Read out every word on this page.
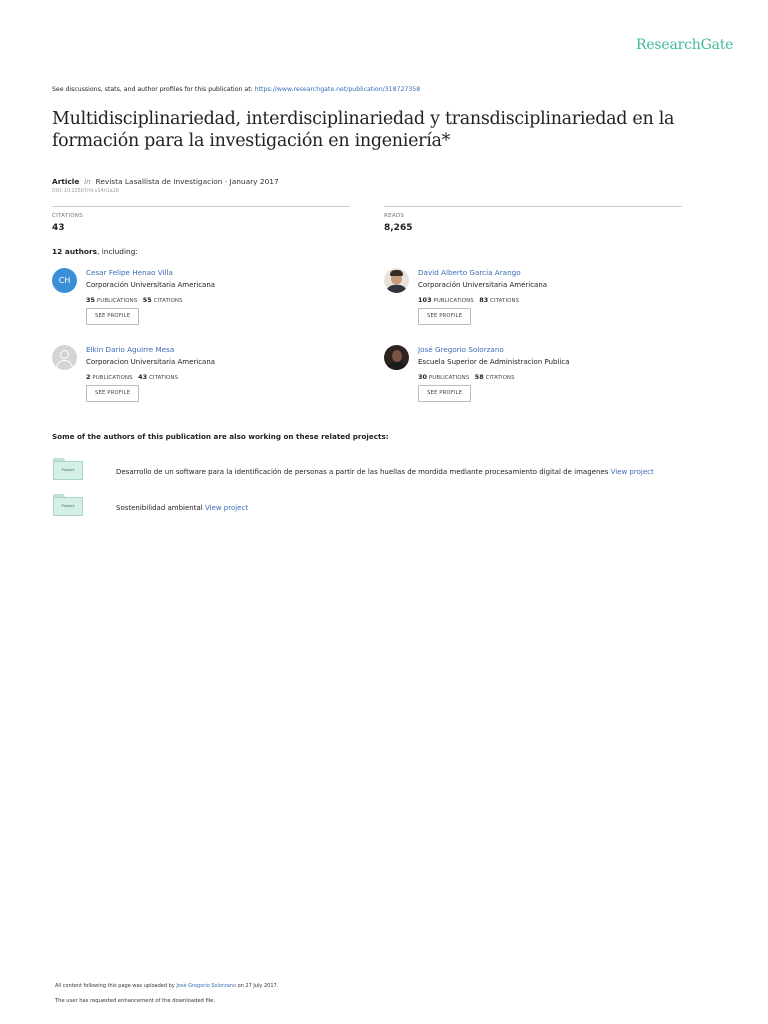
ResearchGate
See discussions, stats, and author profiles for this publication at: https://www.researchgate.net/publication/318727358
Multidisciplinariedad, interdisciplinariedad y transdisciplinariedad en la formación para la investigación en ingeniería*
Article in Revista Lasallista de Investigacion · January 2017
DOI: 10.22507/rli.v14n1a16
CITATIONS
43
READS
8,265
12 authors, including:
CH
Cesar Felipe Henao Villa
Corporación Universitaria Americana
35 PUBLICATIONS 55 CITATIONS
SEE PROFILE
David Alberto Garcia Arango
Corporación Universitaria Americana
103 PUBLICATIONS 83 CITATIONS
SEE PROFILE
Elkin Dario Aguirre Mesa
Corporacion Universitaria Americana
2 PUBLICATIONS 43 CITATIONS
SEE PROFILE
José Gregorio Solorzano
Escuela Superior de Administracion Publica
30 PUBLICATIONS 58 CITATIONS
SEE PROFILE
Some of the authors of this publication are also working on these related projects:
Project	Desarrollo de un software para la identificación de personas a partir de las huellas de mordida mediante procesamiento digital de imagenes View project
Project	Sostenibilidad ambiental View project
All content following this page was uploaded by José Gregorio Solorzano on 27 July 2017.
The user has requested enhancement of the downloaded file.
